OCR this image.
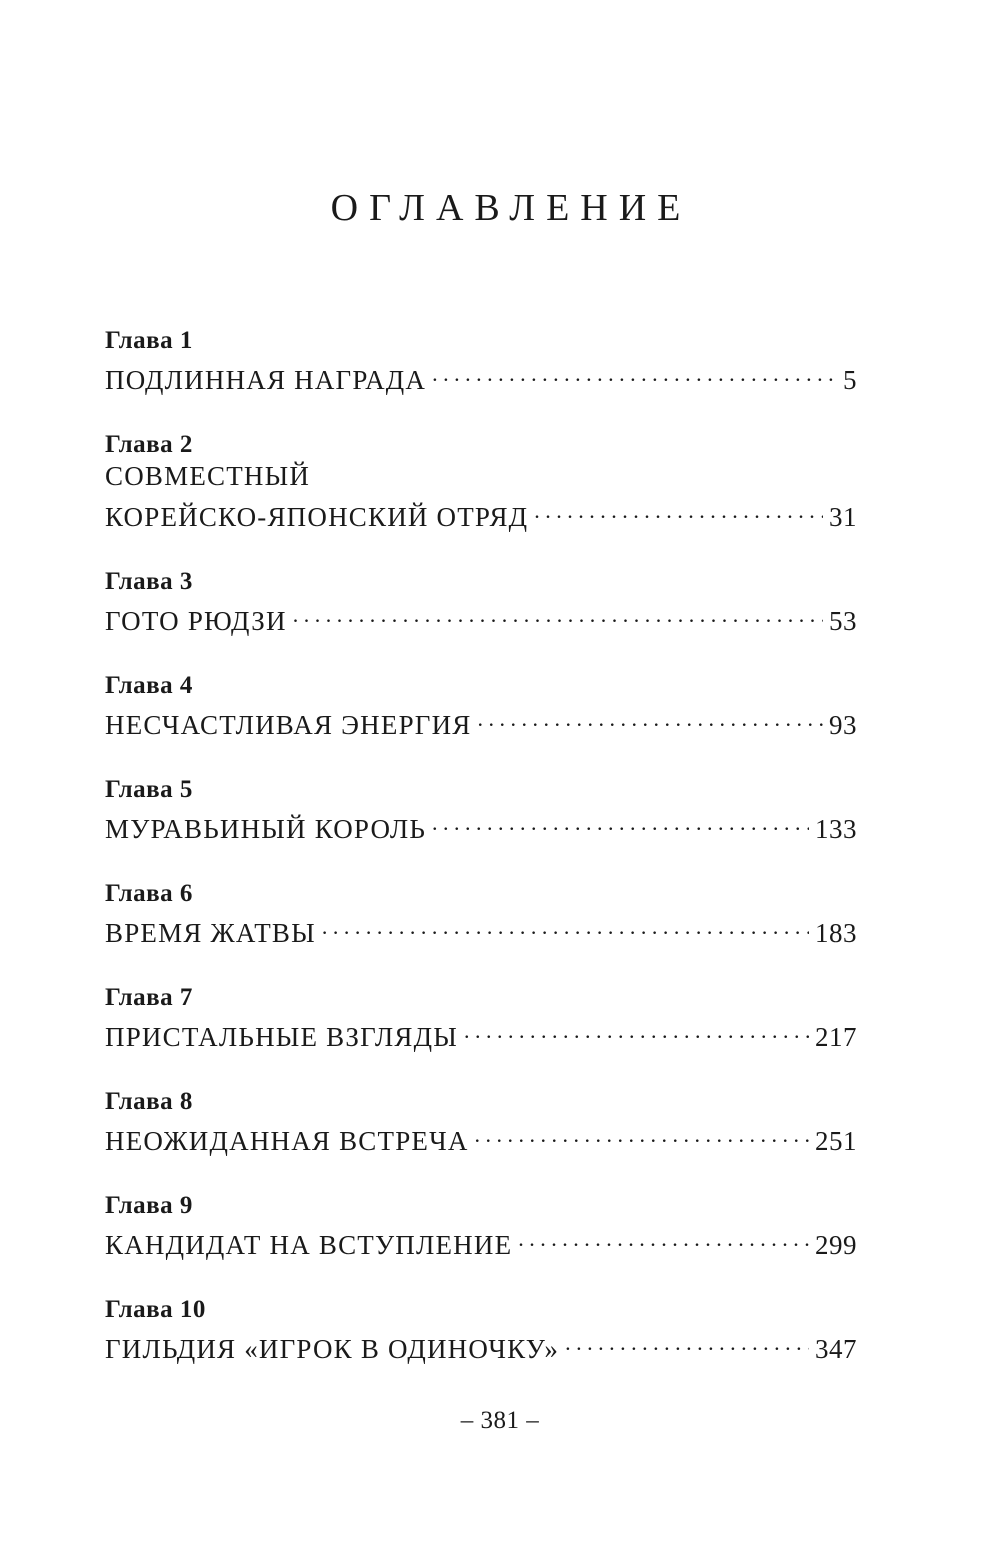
ОГЛАВЛЕНИЕ
Глава 1
ПОДЛИННАЯ НАГРАДА . . .	5
Глава 2
СОВМЕСТНЫЙ
КОРЕЙСКО-ЯПОНСКИЙ ОТРЯД . . .	31
Глава 3
ГОТО РЮДЗИ . . .	53
Глава 4
НЕСЧАСТЛИВАЯ ЭНЕРГИЯ . . .	93
Глава 5
МУРАВЬИНЫЙ КОРОЛЬ . . .	133
Глава 6
ВРЕМЯ ЖАТВЫ . . .	183
Глава 7
ПРИСТАЛЬНЫЕ ВЗГЛЯДЫ . . .	217
Глава 8
НЕОЖИДАННАЯ ВСТРЕЧА . . .	251
Глава 9
КАНДИДАТ НА ВСТУПЛЕНИЕ . . .	299
Глава 10
ГИЛЬДИЯ «ИГРОК В ОДИНОЧКУ» . . .	347
– 381 –
